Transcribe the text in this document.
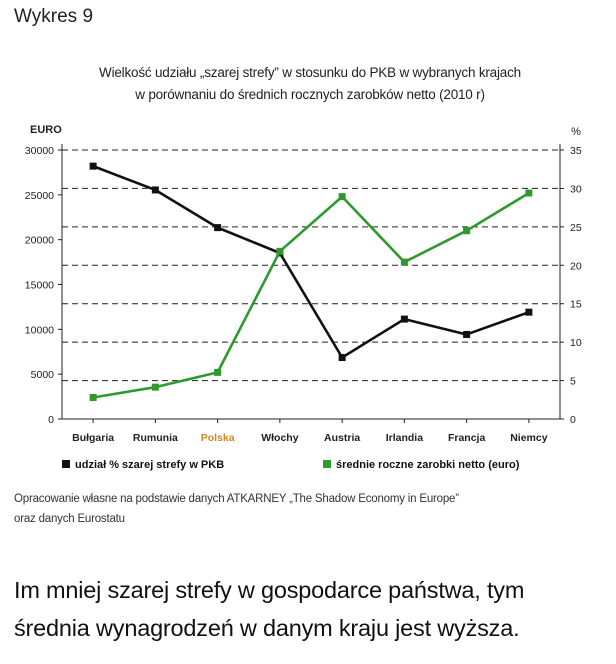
Wykres 9
Wielkość udziału „szarej strefy” w stosunku do PKB w wybranych krajach
w porównaniu do średnich rocznych zarobków netto (2010 r)
EURO	%
0
5000
10000
15000
20000
25000
30000
0
5
10
15
20
25
30
35
Bułgaria Rumunia Polska	Włochy Austria Irlandia Francja Niemcy
udział % szarej strefy w PKB	średnie roczne zarobki netto (euro)
Opracowanie własne na podstawie danych ATKARNEY „The Shadow Economy in Europe”
oraz danych Eurostatu
Im mniej szarej strefy w gospodarce państwa, tym
średnia wynagrodzeń w danym kraju jest wyższa.
